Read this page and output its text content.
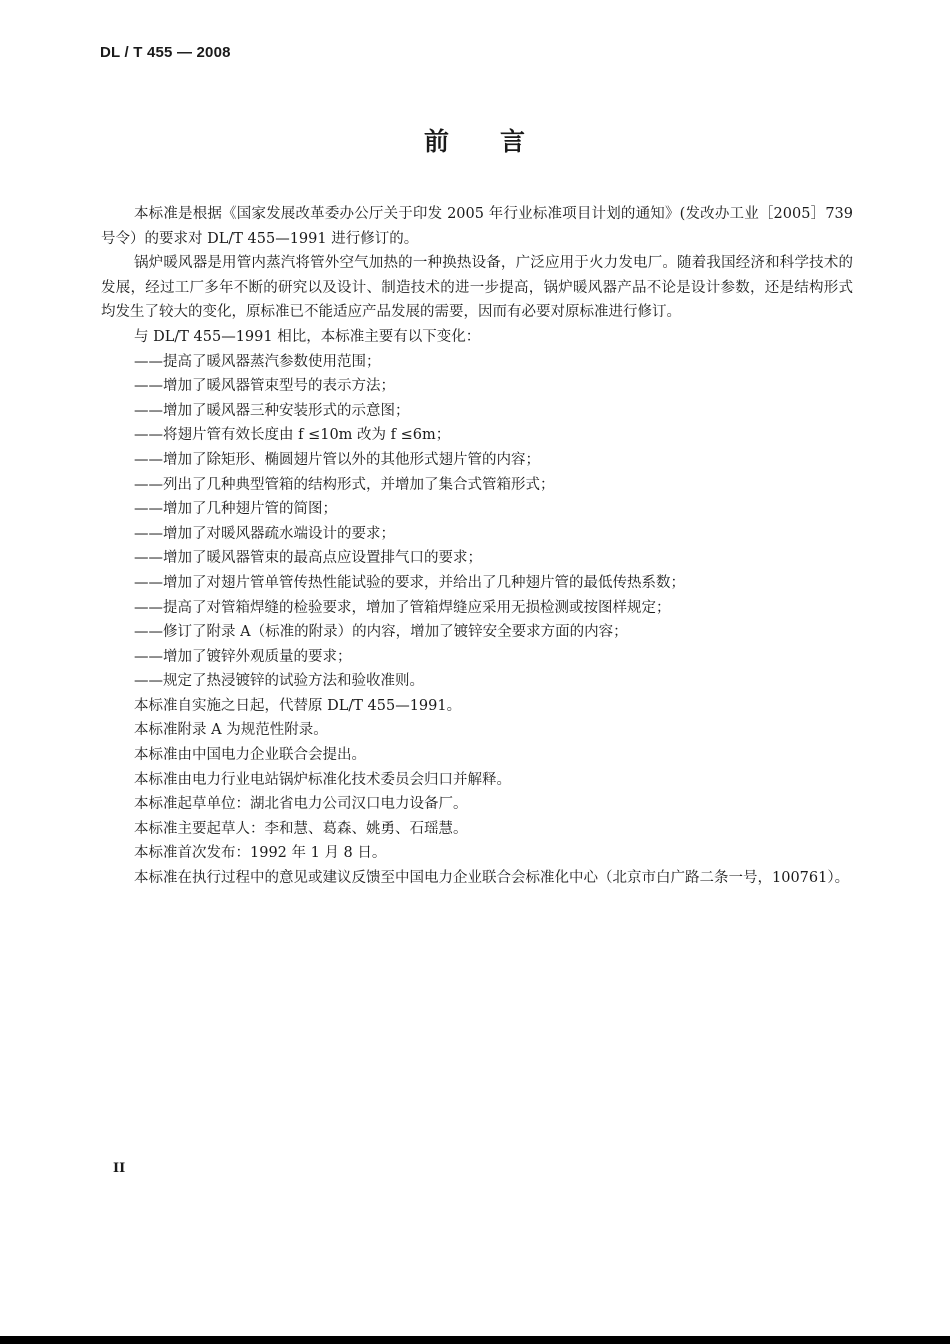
DL / T 455 — 2008
前 言

本标准是根据《国家发展改革委办公厅关于印发 2005 年行业标准项目计划的通知》(发改办工业［2005］739 号令）的要求对 DL/T 455—1991 进行修订的。

锅炉暖风器是用管内蒸汽将管外空气加热的一种换热设备，广泛应用于火力发电厂。随着我国经济和科学技术的发展，经过工厂多年不断的研究以及设计、制造技术的进一步提高，锅炉暖风器产品不论是设计参数，还是结构形式均发生了较大的变化，原标准已不能适应产品发展的需要，因而有必要对原标准进行修订。

与 DL/T 455—1991 相比，本标准主要有以下变化：

——提高了暖风器蒸汽参数使用范围；

——增加了暖风器管束型号的表示方法；

——增加了暖风器三种安装形式的示意图；

——将翅片管有效长度由 f ≤10m 改为 f ≤6m；

——增加了除矩形、椭圆翅片管以外的其他形式翅片管的内容；

——列出了几种典型管箱的结构形式，并增加了集合式管箱形式；

——增加了几种翅片管的简图；

——增加了对暖风器疏水端设计的要求；

——增加了暖风器管束的最高点应设置排气口的要求；

——增加了对翅片管单管传热性能试验的要求，并给出了几种翅片管的最低传热系数；

——提高了对管箱焊缝的检验要求，增加了管箱焊缝应采用无损检测或按图样规定；

——修订了附录 A（标准的附录）的内容，增加了镀锌安全要求方面的内容；

——增加了镀锌外观质量的要求；

——规定了热浸镀锌的试验方法和验收准则。

本标准自实施之日起，代替原 DL/T 455—1991。

本标准附录 A 为规范性附录。

本标准由中国电力企业联合会提出。

本标准由电力行业电站锅炉标准化技术委员会归口并解释。

本标准起草单位：湖北省电力公司汉口电力设备厂。

本标准主要起草人：李和慧、葛森、姚勇、石瑶慧。

本标准首次发布：1992 年 1 月 8 日。

本标准在执行过程中的意见或建议反馈至中国电力企业联合会标准化中心（北京市白广路二条一号，100761）。

II
